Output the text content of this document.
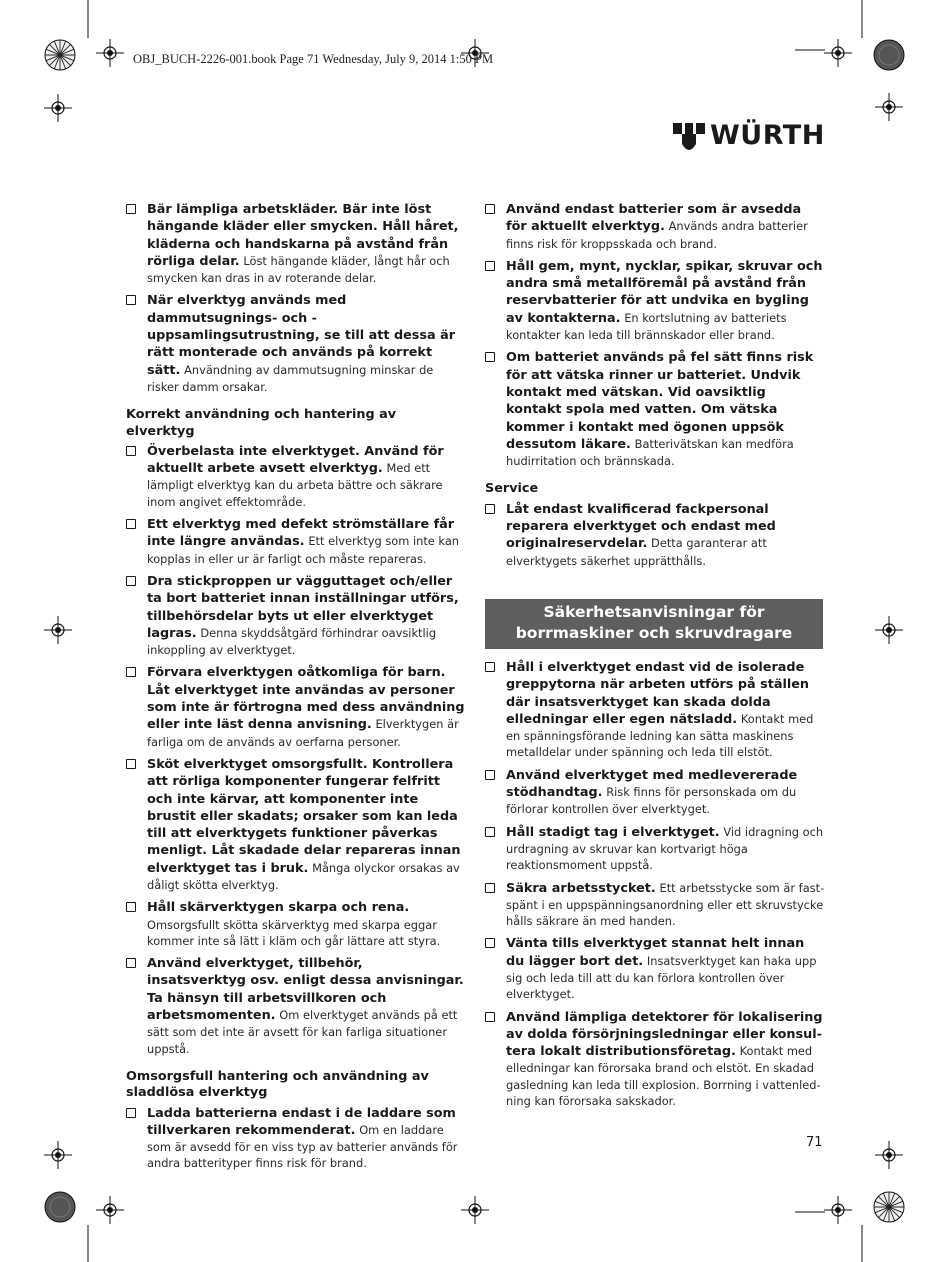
OBJ_BUCH-2226-001.book Page 71 Wednesday, July 9, 2014 1:50 PM
WÜRTH
Bär lämpliga arbetskläder. Bär inte löst hängande kläder eller smycken. Håll håret, kläderna och handskarna på avstånd från rörliga delar. Löst hängande kläder, långt hår och smycken kan dras in av roterande delar.
När elverktyg används med dammutsugnings- och -uppsamlingsutrustning, se till att dessa är rätt monterade och används på korrekt sätt. Användning av dammutsugning minskar de risker damm orsakar.
Korrekt användning och hantering av elverktyg
Överbelasta inte elverktyget. Använd för aktuellt arbete avsett elverktyg. Med ett lämpligt elverktyg kan du arbeta bättre och säkrare inom angivet effektområde.
Ett elverktyg med defekt strömställare får inte längre användas. Ett elverktyg som inte kan kopplas in eller ur är farligt och måste repareras.
Dra stickproppen ur vägguttaget och/eller ta bort batteriet innan inställningar utförs, tillbehörsdelar byts ut eller elverktyget lagras. Denna skyddsåtgärd förhindrar oavsiktlig inkoppling av elverktyget.
Förvara elverktygen oåtkomliga för barn. Låt elverktyget inte användas av personer som inte är förtrogna med dess användning eller inte läst denna anvisning. Elverktygen är farliga om de används av oerfarna personer.
Sköt elverktyget omsorgsfullt. Kontrollera att rörliga komponenter fungerar felfritt och inte kärvar, att komponenter inte brustit eller skadats; orsaker som kan leda till att elverktygets funktioner påverkas menligt. Låt skadade delar repareras innan elverktyget tas i bruk. Många olyckor orsakas av dåligt skötta elverktyg.
Håll skärverktygen skarpa och rena. Omsorgsfullt skötta skärverktyg med skarpa eggar kommer inte så lätt i kläm och går lättare att styra.
Använd elverktyget, tillbehör, insatsverktyg osv. enligt dessa anvisningar. Ta hänsyn till arbetsvillkoren och arbetsmomenten. Om elverktyget används på ett sätt som det inte är avsett för kan farliga situationer uppstå.
Omsorgsfull hantering och användning av sladdlösa elverktyg
Ladda batterierna endast i de laddare som tillverkaren rekommenderat. Om en laddare som är avsedd för en viss typ av batterier används för andra batterityper finns risk för brand.
Använd endast batterier som är avsedda för aktuellt elverktyg. Används andra batterier finns risk för kroppsskada och brand.
Håll gem, mynt, nycklar, spikar, skruvar och andra små metallföremål på avstånd från reservbatterier för att undvika en bygling av kontakterna. En kortslutning av batteriets kontakter kan leda till brännskador eller brand.
Om batteriet används på fel sätt finns risk för att vätska rinner ur batteriet. Undvik kontakt med vätskan. Vid oavsiktlig kontakt spola med vatten. Om vätska kommer i kontakt med ögonen uppsök dessutom läkare. Batterivätskan kan medföra hudirritation och brännskada.
Service
Låt endast kvalificerad fackpersonal reparera elverktyget och endast med originalreservdelar. Detta garanterar att elverktygets säkerhet upprätthålls.
Säkerhetsanvisningar för
borrmaskiner och skruvdragare
Håll i elverktyget endast vid de isolerade greppytorna när arbeten utförs på ställen där insatsverktyget kan skada dolda elledningar eller egen nätsladd. Kontakt med en spänningsförande ledning kan sätta maskinens metalldelar under spänning och leda till elstöt.
Använd elverktyget med medlevererade stödhandtag. Risk finns för personskada om du förlorar kontrollen över elverktyget.
Håll stadigt tag i elverktyget. Vid idragning och urdragning av skruvar kan kortvarigt höga reaktionsmoment uppstå.
Säkra arbetsstycket. Ett arbetsstycke som är fastspänt i en uppspänningsanordning eller ett skruvstycke hålls säkrare än med handen.
Vänta tills elverktyget stannat helt innan du lägger bort det. Insatsverktyget kan haka upp sig och leda till att du kan förlora kontrollen över elverktyget.
Använd lämpliga detektorer för lokalisering av dolda försörjningsledningar eller konsultera lokalt distributionsföretag. Kontakt med elledningar kan förorsaka brand och elstöt. En skadad gasledning kan leda till explosion. Borrning i vattenledning kan förorsaka sakskador.
71
